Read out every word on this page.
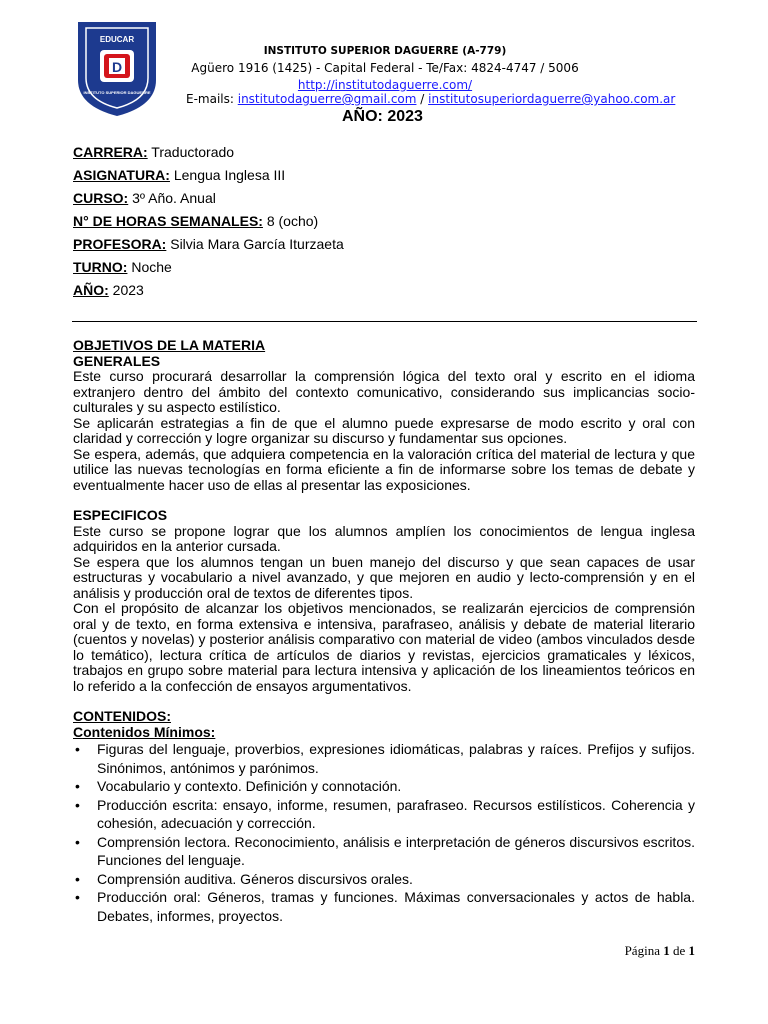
EDUCAR
D
INSTITUTO SUPERIOR DAGUERRE
INSTITUTO SUPERIOR DAGUERRE (A-779)
Agüero 1916 (1425) - Capital Federal - Te/Fax: 4824-4747 / 5006
http://institutodaguerre.com/
E-mails: institutodaguerre@gmail.com / institutosuperiordaguerre@yahoo.com.ar
AÑO: 2023
CARRERA: Traductorado
ASIGNATURA: Lengua Inglesa III
CURSO: 3º Año. Anual
N° DE HORAS SEMANALES: 8 (ocho)
PROFESORA: Silvia Mara García Iturzaeta
TURNO: Noche
AÑO: 2023
OBJETIVOS DE LA MATERIA
GENERALES

Este curso procurará desarrollar la comprensión lógica del texto oral y escrito en el idioma extranjero dentro del ámbito del contexto comunicativo, considerando sus implicancias socio-culturales y su aspecto estilístico.

Se aplicarán estrategias a fin de que el alumno puede expresarse de modo escrito y oral con claridad y corrección y logre organizar su discurso y fundamentar sus opciones.

Se espera, además, que adquiera competencia en la valoración crítica del material de lectura y que utilice las nuevas tecnologías en forma eficiente a fin de informarse sobre los temas de debate y eventualmente hacer uso de ellas al presentar las exposiciones.

ESPECIFICOS

Este curso se propone lograr que los alumnos amplíen los conocimientos de lengua inglesa adquiridos en la anterior cursada.

Se espera que los alumnos tengan un buen manejo del discurso y que sean capaces de usar estructuras y vocabulario a nivel avanzado, y que mejoren en audio y lecto-comprensión y en el análisis y producción oral de textos de diferentes tipos.

Con el propósito de alcanzar los objetivos mencionados, se realizarán ejercicios de comprensión oral y de texto, en forma extensiva e intensiva, parafraseo, análisis y debate de material literario (cuentos y novelas) y posterior análisis comparativo con material de video (ambos vinculados desde lo temático), lectura crítica de artículos de diarios y revistas, ejercicios gramaticales y léxicos, trabajos en grupo sobre material para lectura intensiva y aplicación de los lineamientos teóricos en lo referido a la confección de ensayos argumentativos.

CONTENIDOS:
Contenidos Mínimos:
• Figuras del lenguaje, proverbios, expresiones idiomáticas, palabras y raíces. Prefijos y sufijos. Sinónimos, antónimos y parónimos.
• Vocabulario y contexto. Definición y connotación.
• Producción escrita: ensayo, informe, resumen, parafraseo. Recursos estilísticos. Coherencia y cohesión, adecuación y corrección.
• Comprensión lectora. Reconocimiento, análisis e interpretación de géneros discursivos escritos. Funciones del lenguaje.
• Comprensión auditiva. Géneros discursivos orales.
• Producción oral: Géneros, tramas y funciones. Máximas conversacionales y actos de habla. Debates, informes, proyectos.
Página 1 de 1
